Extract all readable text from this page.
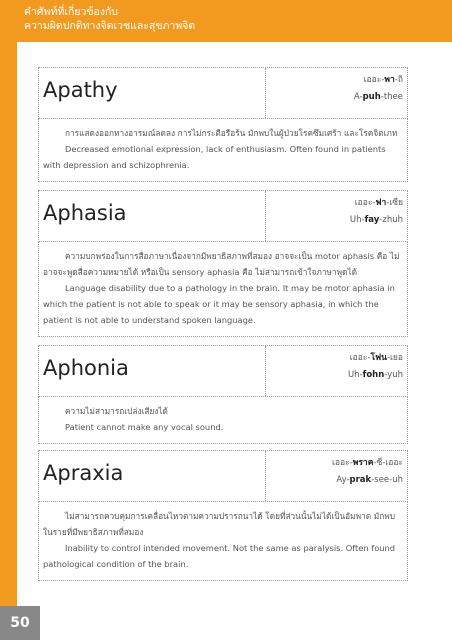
คำศัพท์ที่เกี่ยวข้องกับ
ความผิดปกติทางจิตเวชและสุขภาพจิต
Apathy	เออะ-พา-ถิ
A-puh-thee

การแสดงออกทางอารมณ์ลดลง การไม่กระตือรือร้น มักพบในผู้ป่วยโรคซึมเศร้า และโรคจิตเภท

Decreased emotional expression, lack of enthusiasm. Often found in patients with depression and schizophrenia.

Aphasia	เออะ-ฟา-เซีย
Uh-fay-zhuh

ความบกพร่องในการสื่อภาษาเนื่องจากมีพยาธิสภาพที่สมอง อาจจะเป็น motor aphasis คือ ไม่อาจจะพูดสื่อความหมายได้ หรือเป็น sensory aphasia คือ ไม่สามารถเข้าใจภาษาพูดได้

Language disability due to a pathology in the brain. It may be motor aphasia in which the patient is not able to speak or it may be sensory aphasia, in which the patient is not able to understand spoken language.

Aphonia	เออะ-โฟน-เยอ
Uh-fohn-yuh

ความไม่สามารถเปล่งเสียงได้

Patient cannot make any vocal sound.

Apraxia	เออะ-พราค-ซี-เออะ
Ay-prak-see-uh

ไม่สามารถควบคุมการเคลื่อนไหวตามความปรารถนาได้ โดยที่ส่วนนั้นไม่ได้เป็นอัมพาต มักพบในรายที่มีพยาธิสภาพที่สมอง

Inability to control intended movement. Not the same as paralysis. Often found pathological condition of the brain.

50
